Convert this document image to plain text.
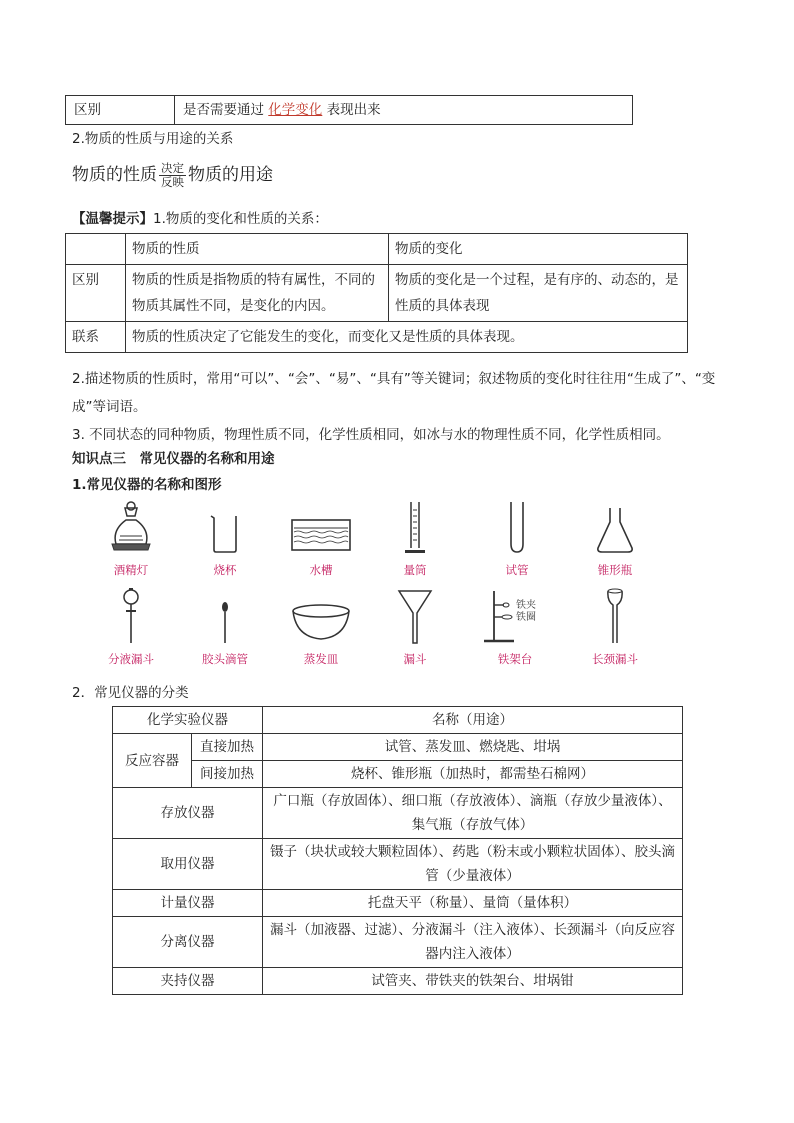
区别	是否需要通过 化学变化 表现出来
2.物质的性质与用途的关系
物质的性质 $\frac{\text{决定}}{\text{反映}}$ 物质的用途
【温馨提示】1.物质的变化和性质的关系：
	物质的性质	物质的变化
区别	物质的性质是指物质的特有属性，不同的物质其属性不同，是变化的内因。	物质的变化是一个过程，是有序的、动态的，是性质的具体表现
联系	物质的性质决定了它能发生的变化，而变化又是性质的具体表现。	
2.描述物质的性质时，常用“可以”、“会”、“易”、“具有”等关键词；叙述物质的变化时往往用“生成了”、“变成”等词语。
3. 不同状态的同种物质，物理性质不同，化学性质相同，如冰与水的物理性质不同，化学性质相同。
知识点三　常见仪器的名称和用途
1.常见仪器的名称和图形
酒精灯	烧杯	水槽	量筒	试管	锥形瓶
分液漏斗	胶头滴管	蒸发皿	漏斗
铁夹
铁圈
铁架台	长颈漏斗
2．常见仪器的分类
化学实验仪器		名称（用途）
反应容器	直接加热	试管、蒸发皿、燃烧匙、坩埚
	间接加热	烧杯、锥形瓶（加热时，都需垫石棉网）
存放仪器		广口瓶（存放固体）、细口瓶（存放液体）、滴瓶（存放少量液体）、集气瓶（存放气体）
取用仪器		镊子（块状或较大颗粒固体）、药匙（粉末或小颗粒状固体）、胶头滴管（少量液体）
计量仪器		托盘天平（称量）、量筒（量体积）
分离仪器		漏斗（加液器、过滤）、分液漏斗（注入液体）、长颈漏斗（向反应容器内注入液体）
夹持仪器		试管夹、带铁夹的铁架台、坩埚钳
